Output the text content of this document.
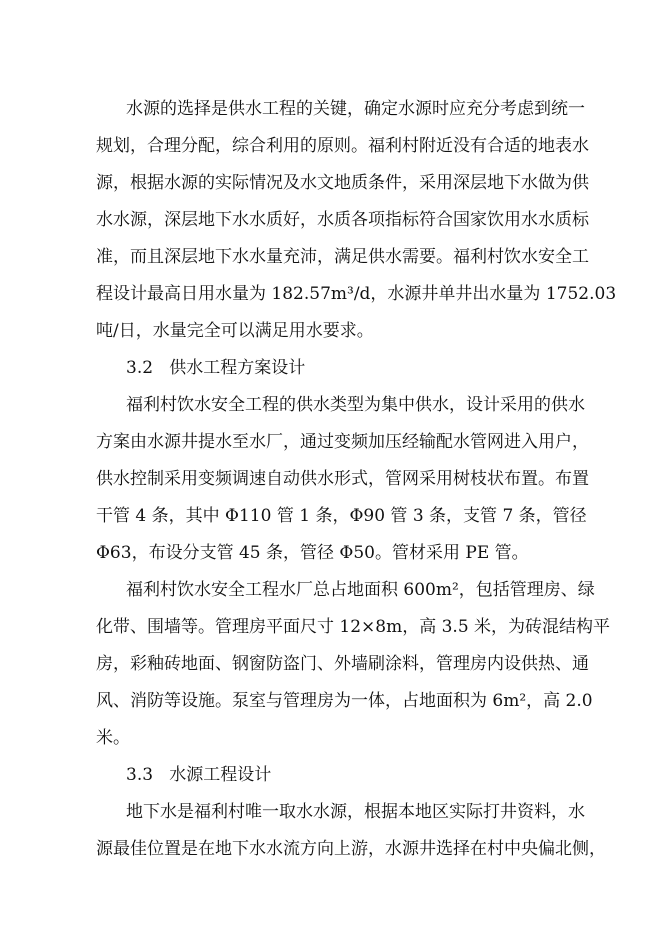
水源的选择是供水工程的关键，确定水源时应充分考虑到统一

规划，合理分配，综合利用的原则。福利村附近没有合适的地表水

源，根据水源的实际情况及水文地质条件，采用深层地下水做为供

水水源，深层地下水水质好，水质各项指标符合国家饮用水水质标

准，而且深层地下水水量充沛，满足供水需要。福利村饮水安全工

程设计最高日用水量为 182.57m³/d，水源井单井出水量为 1752.03

吨/日，水量完全可以满足用水要求。

3.2   供水工程方案设计

福利村饮水安全工程的供水类型为集中供水，设计采用的供水

方案由水源井提水至水厂，通过变频加压经输配水管网进入用户，

供水控制采用变频调速自动供水形式，管网采用树枝状布置。布置

干管 4 条，其中 Φ110 管 1 条，Φ90 管 3 条，支管 7 条，管径

Φ63，布设分支管 45 条，管径 Φ50。管材采用 PE 管。

福利村饮水安全工程水厂总占地面积 600m²，包括管理房、绿

化带、围墙等。管理房平面尺寸 12×8m，高 3.5 米，为砖混结构平

房，彩釉砖地面、钢窗防盗门、外墙刷涂料，管理房内设供热、通

风、消防等设施。泵室与管理房为一体，占地面积为 6m²，高 2.0

米。

3.3   水源工程设计

地下水是福利村唯一取水水源，根据本地区实际打井资料，水

源最佳位置是在地下水水流方向上游，水源井选择在村中央偏北侧，
